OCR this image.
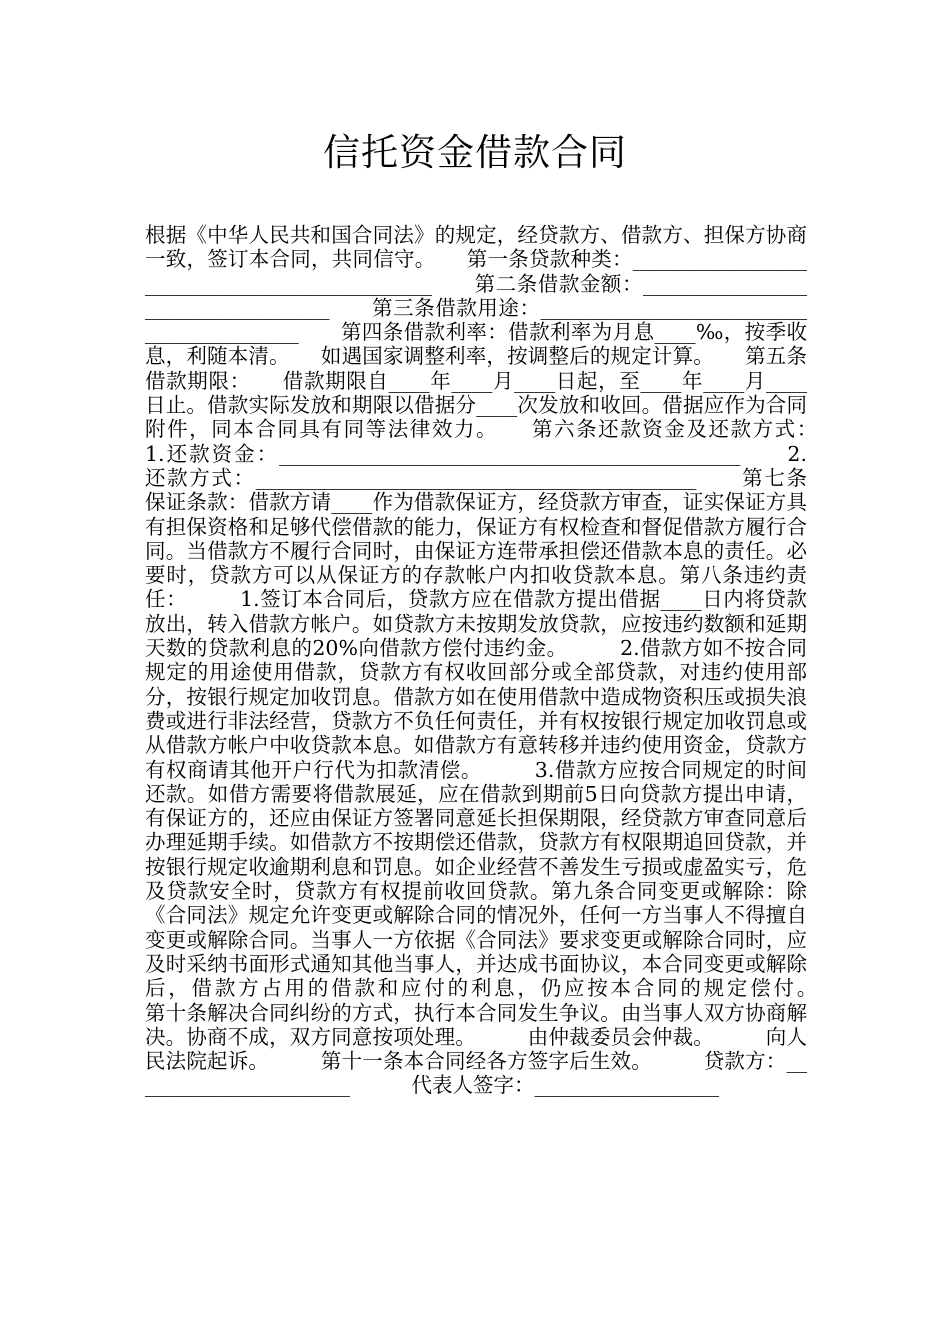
信托资金借款合同
根据《中华人民共和国合同法》的规定，经贷款方、借款方、担保方协商一致，签订本合同，共同信守。　　第一条贷款种类：_____________________________________________　　第二条借款金额：__________________________________　　第三条借款用途：_________________________________________　　第四条借款利率：借款利率为月息____‰，按季收息，利随本清。　　如遇国家调整利率，按调整后的规定计算。　　第五条借款期限：　　借款期限自____年____月____日起，至____年____月____日止。借款实际发放和期限以借据分____次发放和收回。借据应作为合同附件，同本合同具有同等法律效力。　　第六条还款资金及还款方式：　　1.还款资金：_____________________________________________　　2.还款方式：___________________________________________　　第七条保证条款：借款方请____作为借款保证方，经贷款方审查，证实保证方具有担保资格和足够代偿借款的能力，保证方有权检查和督促借款方履行合同。当借款方不履行合同时，由保证方连带承担偿还借款本息的责任。必要时，贷款方可以从保证方的存款帐户内扣收贷款本息。第八条违约责任：　　　1.签订本合同后，贷款方应在借款方提出借据____日内将贷款放出，转入借款方帐户。如贷款方未按期发放贷款，应按违约数额和延期天数的贷款利息的20%向借款方偿付违约金。　　　2.借款方如不按合同规定的用途使用借款，贷款方有权收回部分或全部贷款，对违约使用部分，按银行规定加收罚息。借款方如在使用借款中造成物资积压或损失浪费或进行非法经营，贷款方不负任何责任，并有权按银行规定加收罚息或从借款方帐户中收贷款本息。如借款方有意转移并违约使用资金，贷款方有权商请其他开户行代为扣款清偿。　　　3.借款方应按合同规定的时间还款。如借方需要将借款展延，应在借款到期前5日向贷款方提出申请，有保证方的，还应由保证方签署同意延长担保期限，经贷款方审查同意后办理延期手续。如借款方不按期偿还借款，贷款方有权限期追回贷款，并按银行规定收逾期利息和罚息。如企业经营不善发生亏损或虚盈实亏，危及贷款安全时，贷款方有权提前收回贷款。第九条合同变更或解除：除《合同法》规定允许变更或解除合同的情况外，任何一方当事人不得擅自变更或解除合同。当事人一方依据《合同法》要求变更或解除合同时，应及时采纳书面形式通知其他当事人，并达成书面协议，本合同变更或解除后，借款方占用的借款和应付的利息，仍应按本合同的规定偿付。　　　第十条解决合同纠纷的方式，执行本合同发生争议。由当事人双方协商解决。协商不成，双方同意按项处理。　　　由仲裁委员会仲裁。　　　向人民法院起诉。　　　第十一条本合同经各方签字后生效。　　　贷款方：______________________　　　代表人签字：__________________
